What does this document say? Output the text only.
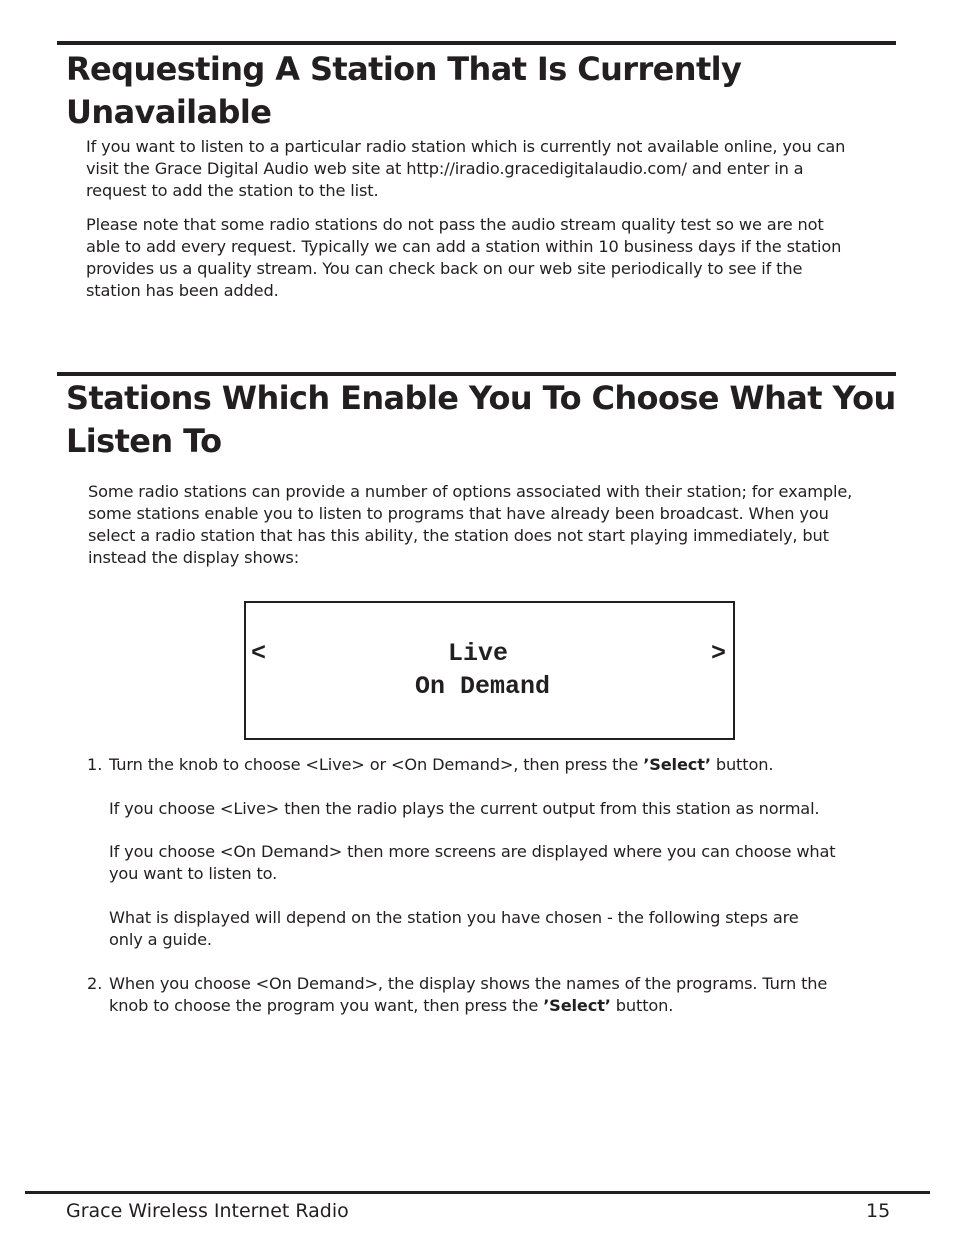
Requesting A Station That Is Currently Unavailable

If you want to listen to a particular radio station which is currently not available online, you can visit the Grace Digital Audio web site at http://iradio.gracedigitalaudio.com/ and enter in a request to add the station to the list.

Please note that some radio stations do not pass the audio stream quality test so we are not able to add every request. Typically we can add a station within 10 business days if the station provides us a quality stream. You can check back on our web site periodically to see if the station has been added.

Stations Which Enable You To Choose What You Listen To

Some radio stations can provide a number of options associated with their station; for example, some stations enable you to listen to programs that have already been broadcast. When you select a radio station that has this ability, the station does not start playing immediately, but instead the display shows:

<	>
Live
On Demand
1. Turn the knob to choose <Live> or <On Demand>, then press the ’Select’ button.

If you choose <Live> then the radio plays the current output from this station as normal.

If you choose <On Demand> then more screens are displayed where you can choose what you want to listen to.

What is displayed will depend on the station you have chosen - the following steps are only a guide.

2. When you choose <On Demand>, the display shows the names of the programs. Turn the knob to choose the program you want, then press the ’Select’ button.

Grace Wireless Internet Radio	15
